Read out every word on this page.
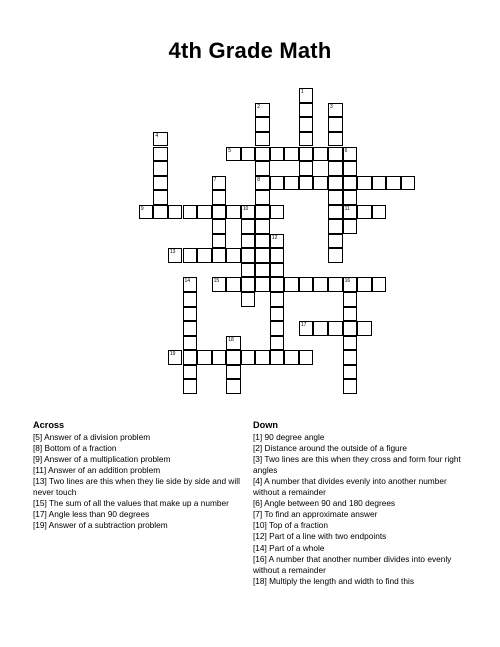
4th Grade Math
1
2
8
3
4
5	6
11
7
9	10
12
13
14	15	16
17
18
19
Across
[5] Answer of a division problem
[8] Bottom of a fraction
[9] Answer of a multiplication problem
[11] Answer of an addition problem
[13] Two lines are this when they lie side by side and will never touch
[15] The sum of all the values that make up a number
[17] Angle less than 90 degrees
[19] Answer of a subtraction problem
Down
[1] 90 degree angle
[2] Distance around the outside of a figure
[3] Two lines are this when they cross and form four right angles
[4] A number that divides evenly into another number without a remainder
[6] Angle between 90 and 180 degrees
[7] To find an approximate answer
[10] Top of a fraction
[12] Part of a line with two endpoints
[14] Part of a whole
[16] A number that another number divides into evenly without a remainder
[18] Multiply the length and width to find this
